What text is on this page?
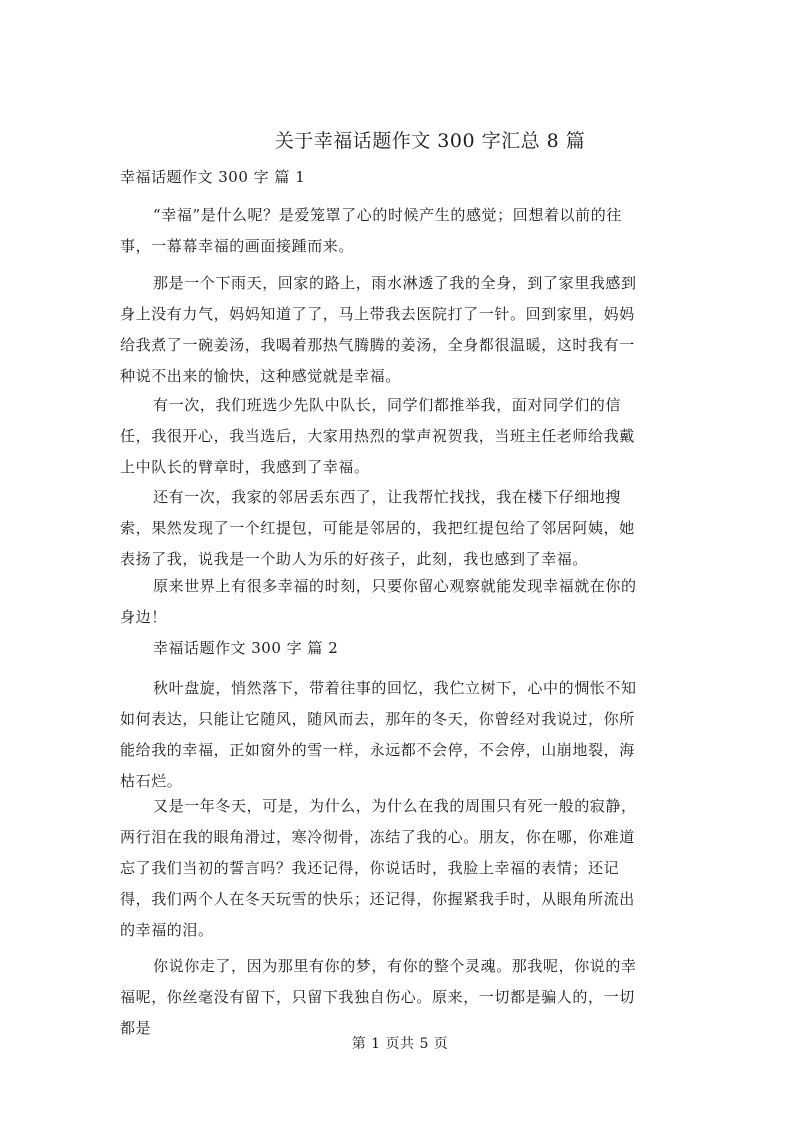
关于幸福话题作文 300 字汇总 8 篇
幸福话题作文 300 字 篇 1
“幸福”是什么呢？是爱笼罩了心的时候产生的感觉；回想着以前的往事，一幕幕幸福的画面接踵而来。
那是一个下雨天，回家的路上，雨水淋透了我的全身，到了家里我感到身上没有力气，妈妈知道了了，马上带我去医院打了一针。回到家里，妈妈给我煮了一碗姜汤，我喝着那热气腾腾的姜汤，全身都很温暖，这时我有一种说不出来的愉快，这种感觉就是幸福。
有一次，我们班选少先队中队长，同学们都推举我，面对同学们的信任，我很开心，我当选后，大家用热烈的掌声祝贺我，当班主任老师给我戴上中队长的臂章时，我感到了幸福。
还有一次，我家的邻居丢东西了，让我帮忙找找，我在楼下仔细地搜索，果然发现了一个红提包，可能是邻居的，我把红提包给了邻居阿姨，她表扬了我，说我是一个助人为乐的好孩子，此刻，我也感到了幸福。
原来世界上有很多幸福的时刻，只要你留心观察就能发现幸福就在你的身边！
幸福话题作文 300 字 篇 2
秋叶盘旋，悄然落下，带着往事的回忆，我伫立树下，心中的惆怅不知如何表达，只能让它随风，随风而去，那年的冬天，你曾经对我说过，你所能给我的幸福，正如窗外的雪一样，永远都不会停，不会停，山崩地裂，海枯石烂。
又是一年冬天，可是，为什么，为什么在我的周围只有死一般的寂静，两行泪在我的眼角滑过，寒冷彻骨，冻结了我的心。朋友，你在哪，你难道忘了我们当初的誓言吗？我还记得，你说话时，我脸上幸福的表情；还记得，我们两个人在冬天玩雪的快乐；还记得，你握紧我手时，从眼角所流出的幸福的泪。
你说你走了，因为那里有你的梦，有你的整个灵魂。那我呢，你说的幸福呢，你丝毫没有留下，只留下我独自伤心。原来，一切都是骗人的，一切都是
第 1 页共 5 页
